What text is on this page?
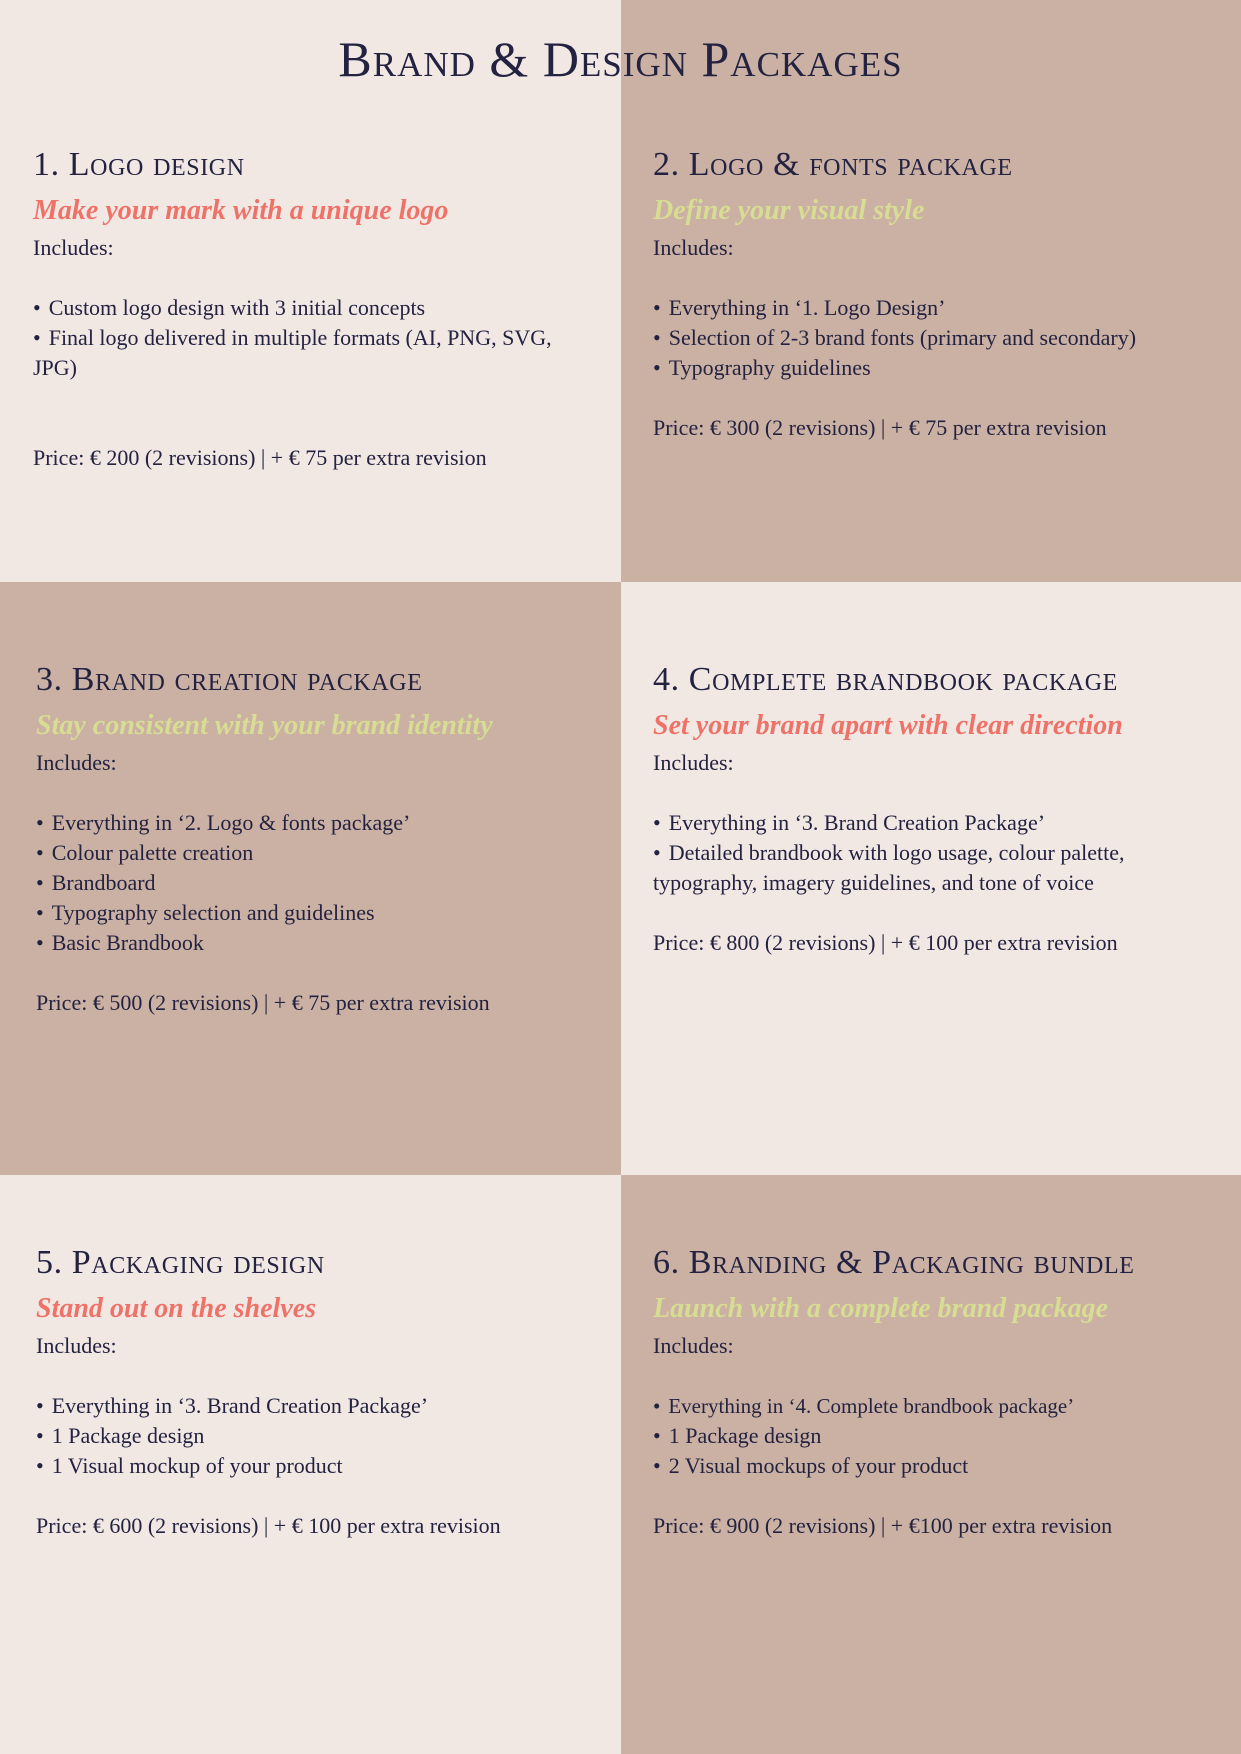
Brand & Design Packages
1. Logo design

Make your mark with a unique logo

Includes:

• Custom logo design with 3 initial concepts
• Final logo delivered in multiple formats (AI, PNG, SVG, JPG)

Price: € 200 (2 revisions) | + € 75 per extra revision

2. Logo & fonts package

Define your visual style

Includes:

• Everything in ‘1. Logo Design’
• Selection of 2-3 brand fonts (primary and secondary)
• Typography guidelines

Price: € 300 (2 revisions) | + € 75 per extra revision

3. Brand creation package

Stay consistent with your brand identity

Includes:

• Everything in ‘2. Logo & fonts package’
• Colour palette creation
• Brandboard
• Typography selection and guidelines
• Basic Brandbook

Price: € 500 (2 revisions) | + € 75 per extra revision

4. Complete brandbook package

Set your brand apart with clear direction

Includes:

• Everything in ‘3. Brand Creation Package’
• Detailed brandbook with logo usage, colour palette, typography, imagery guidelines, and tone of voice

Price: € 800 (2 revisions) | + € 100 per extra revision

5. Packaging design

Stand out on the shelves

Includes:

• Everything in ‘3. Brand Creation Package’
• 1 Package design
• 1 Visual mockup of your product

Price: € 600 (2 revisions) | + € 100 per extra revision

6. Branding & Packaging bundle

Launch with a complete brand package

Includes:

• Everything in ‘4. Complete brandbook package’
• 1 Package design
• 2 Visual mockups of your product

Price: € 900 (2 revisions) | + €100 per extra revision
